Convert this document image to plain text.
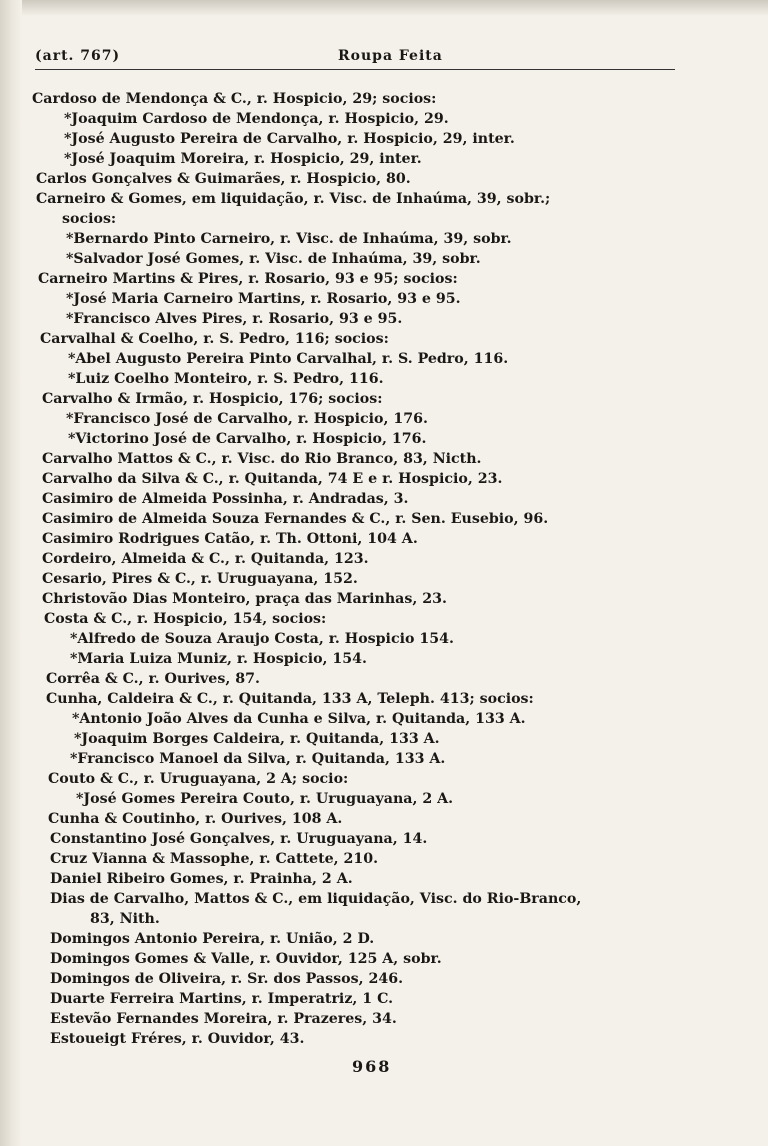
(art. 767)	Roupa Feita
Cardoso de Mendonça & C., r. Hospicio, 29; socios:
*Joaquim Cardoso de Mendonça, r. Hospicio, 29.
*José Augusto Pereira de Carvalho, r. Hospicio, 29, inter.
*José Joaquim Moreira, r. Hospicio, 29, inter.
Carlos Gonçalves & Guimarães, r. Hospicio, 80.
Carneiro & Gomes, em liquidação, r. Visc. de Inhaúma, 39, sobr.;
socios:
*Bernardo Pinto Carneiro, r. Visc. de Inhaúma, 39, sobr.
*Salvador José Gomes, r. Visc. de Inhaúma, 39, sobr.
Carneiro Martins & Pires, r. Rosario, 93 e 95; socios:
*José Maria Carneiro Martins, r. Rosario, 93 e 95.
*Francisco Alves Pires, r. Rosario, 93 e 95.
Carvalhal & Coelho, r. S. Pedro, 116; socios:
*Abel Augusto Pereira Pinto Carvalhal, r. S. Pedro, 116.
*Luiz Coelho Monteiro, r. S. Pedro, 116.
Carvalho & Irmão, r. Hospicio, 176; socios:
*Francisco José de Carvalho, r. Hospicio, 176.
*Victorino José de Carvalho, r. Hospicio, 176.
Carvalho Mattos & C., r. Visc. do Rio Branco, 83, Nicth.
Carvalho da Silva & C., r. Quitanda, 74 E e r. Hospicio, 23.
Casimiro de Almeida Possinha, r. Andradas, 3.
Casimiro de Almeida Souza Fernandes & C., r. Sen. Eusebio, 96.
Casimiro Rodrigues Catão, r. Th. Ottoni, 104 A.
Cordeiro, Almeida & C., r. Quitanda, 123.
Cesario, Pires & C., r. Uruguayana, 152.
Christovão Dias Monteiro, praça das Marinhas, 23.
Costa & C., r. Hospicio, 154, socios:
*Alfredo de Souza Araujo Costa, r. Hospicio 154.
*Maria Luiza Muniz, r. Hospicio, 154.
Corrêa & C., r. Ourives, 87.
Cunha, Caldeira & C., r. Quitanda, 133 A, Teleph. 413; socios:
*Antonio João Alves da Cunha e Silva, r. Quitanda, 133 A.
*Joaquim Borges Caldeira, r. Quitanda, 133 A.
*Francisco Manoel da Silva, r. Quitanda, 133 A.
Couto & C., r. Uruguayana, 2 A; socio:
*José Gomes Pereira Couto, r. Uruguayana, 2 A.
Cunha & Coutinho, r. Ourives, 108 A.
Constantino José Gonçalves, r. Uruguayana, 14.
Cruz Vianna & Massophe, r. Cattete, 210.
Daniel Ribeiro Gomes, r. Prainha, 2 A.
Dias de Carvalho, Mattos & C., em liquidação, Visc. do Rio-Branco,
83, Nith.
Domingos Antonio Pereira, r. União, 2 D.
Domingos Gomes & Valle, r. Ouvidor, 125 A, sobr.
Domingos de Oliveira, r. Sr. dos Passos, 246.
Duarte Ferreira Martins, r. Imperatriz, 1 C.
Estevão Fernandes Moreira, r. Prazeres, 34.
Estoueigt Fréres, r. Ouvidor, 43.
968
